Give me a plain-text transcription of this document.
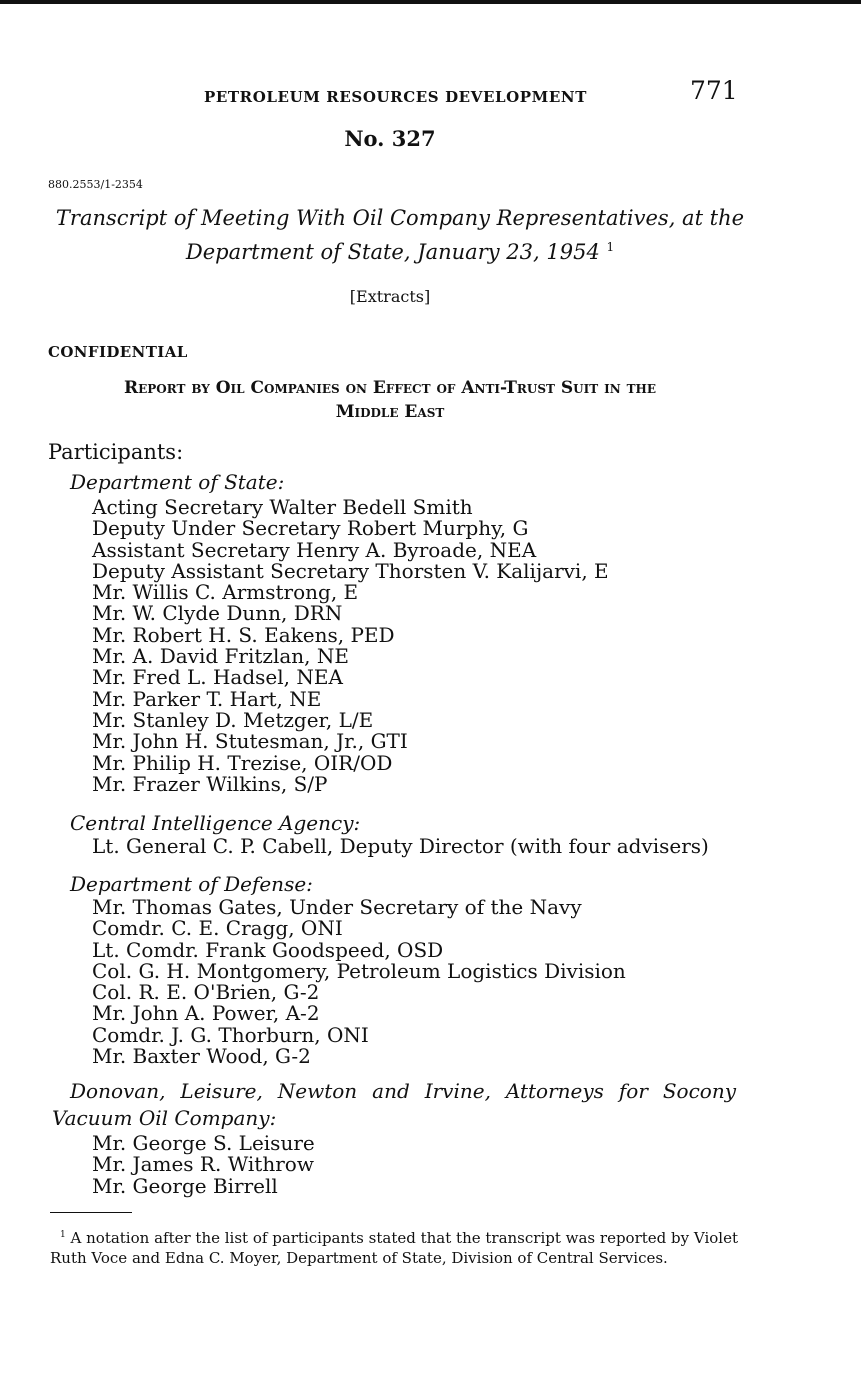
PETROLEUM RESOURCES DEVELOPMENT	771
No. 327
880.2553/1-2354
Transcript of Meeting With Oil Company Representatives, at the
Department of State, January 23, 1954 $^1$
[Extracts]
CONFIDENTIAL
Report by Oil Companies on Effect of Anti-Trust Suit in the
Middle East
Participants:
Department of State:
Acting Secretary Walter Bedell Smith
Deputy Under Secretary Robert Murphy, G
Assistant Secretary Henry A. Byroade, NEA
Deputy Assistant Secretary Thorsten V. Kalijarvi, E
Mr. Willis C. Armstrong, E
Mr. W. Clyde Dunn, DRN
Mr. Robert H. S. Eakens, PED
Mr. A. David Fritzlan, NE
Mr. Fred L. Hadsel, NEA
Mr. Parker T. Hart, NE
Mr. Stanley D. Metzger, L/E
Mr. John H. Stutesman, Jr., GTI
Mr. Philip H. Trezise, OIR/OD
Mr. Frazer Wilkins, S/P
Central Intelligence Agency:
Lt. General C. P. Cabell, Deputy Director (with four advisers)
Department of Defense:
Mr. Thomas Gates, Under Secretary of the Navy
Comdr. C. E. Cragg, ONI
Lt. Comdr. Frank Goodspeed, OSD
Col. G. H. Montgomery, Petroleum Logistics Division
Col. R. E. O'Brien, G-2
Mr. John A. Power, A-2
Comdr. J. G. Thorburn, ONI
Mr. Baxter Wood, G-2
Donovan, Leisure, Newton and Irvine, Attorneys for Socony
Vacuum Oil Company:
Mr. George S. Leisure
Mr. James R. Withrow
Mr. George Birrell
$^1$ A notation after the list of participants stated that the transcript was reported by Violet Ruth Voce and Edna C. Moyer, Department of State, Division of Central Services.
